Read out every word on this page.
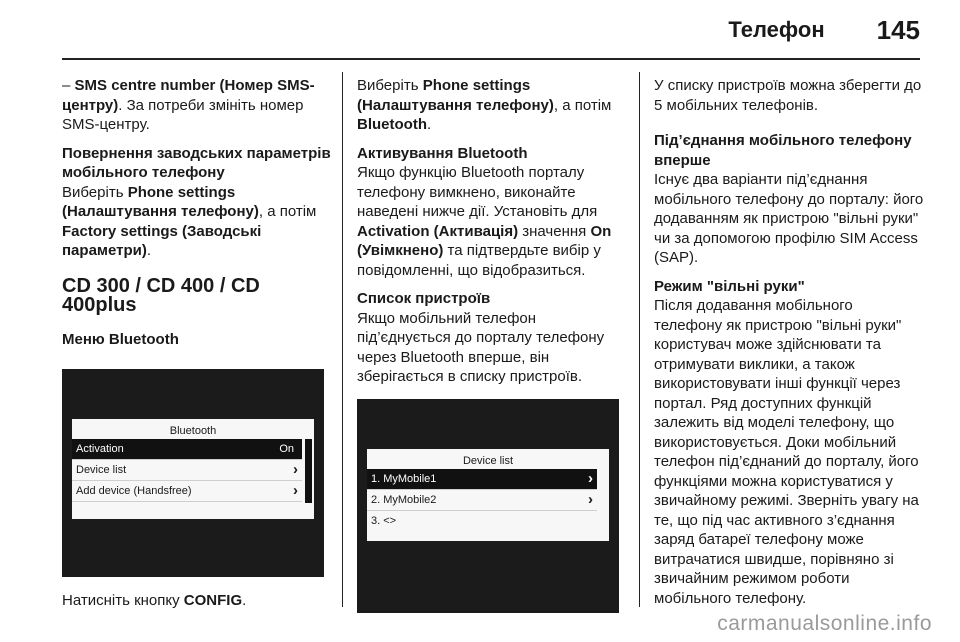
Телефон 145

– SMS centre number (Номер SMS-центру). За потреби змініть номер SMS-центру.

Повернення заводських параметрів мобільного телефону

Виберіть Phone settings (Налаштування телефону), а потім Factory settings (Заводські параметри).

CD 300 / CD 400 / CD 400plus
Меню Bluetooth
Bluetooth
Activation	On
Device list	›
Add device (Handsfree)	›

Натисніть кнопку CONFIG.

Виберіть Phone settings (Налаштування телефону), а потім Bluetooth.

Активування Bluetooth

Якщо функцію Bluetooth порталу телефону вимкнено, виконайте наведені нижче дії. Установіть для Activation (Активація) значення On (Увімкнено) та підтвердьте вибір у повідомленні, що відобразиться.

Список пристроїв

Якщо мобільний телефон під’єднується до порталу телефону через Bluetooth вперше, він зберігається в списку пристроїв.

Device list
1. MyMobile1	›
2. MyMobile2	›
3. <>

У списку пристроїв можна зберегти до 5 мобільних телефонів.

Під’єднання мобільного телефону вперше

Існує два варіанти під’єднання мобільного телефону до порталу: його додаванням як пристрою "вільні руки" чи за допомогою профілю SIM Access (SAP).

Режим "вільні руки"

Після додавання мобільного телефону як пристрою "вільні руки" користувач може здійснювати та отримувати виклики, а також використовувати інші функції через портал. Ряд доступних функцій залежить від моделі телефону, що використовується. Доки мобільний телефон під’єднаний до порталу, його функціями можна користуватися у звичайному режимі. Зверніть увагу на те, що під час активного з’єднання заряд батареї телефону може витрачатися швидше, порівняно зі звичайним режимом роботи мобільного телефону.

carmanualsonline.info
